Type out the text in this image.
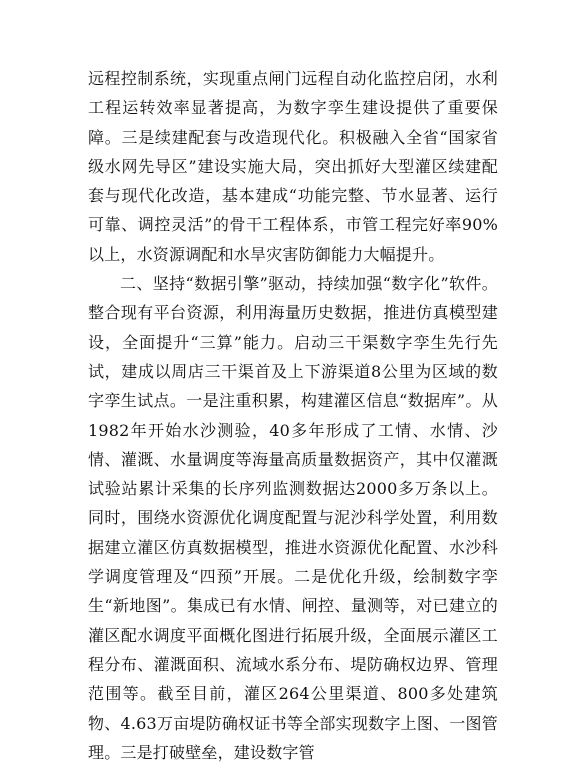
远程控制系统，实现重点闸门远程自动化监控启闭，水利工程运转效率显著提高，为数字孪生建设提供了重要保障。三是续建配套与改造现代化。积极融入全省“国家省级水网先导区”建设实施大局，突出抓好大型灌区续建配套与现代化改造，基本建成“功能完整、节水显著、运行可靠、调控灵活”的骨干工程体系，市管工程完好率90%以上，水资源调配和水旱灾害防御能力大幅提升。

二、坚持“数据引擎”驱动，持续加强“数字化”软件。整合现有平台资源，利用海量历史数据，推进仿真模型建设，全面提升“三算”能力。启动三干渠数字孪生先行先试，建成以周店三干渠首及上下游渠道8公里为区域的数字孪生试点。一是注重积累，构建灌区信息“数据库”。从1982年开始水沙测验，40多年形成了工情、水情、沙情、灌溉、水量调度等海量高质量数据资产，其中仅灌溉试验站累计采集的长序列监测数据达2000多万条以上。同时，围绕水资源优化调度配置与泥沙科学处置，利用数据建立灌区仿真数据模型，推进水资源优化配置、水沙科学调度管理及“四预”开展。二是优化升级，绘制数字孪生“新地图”。集成已有水情、闸控、量测等，对已建立的灌区配水调度平面概化图进行拓展升级，全面展示灌区工程分布、灌溉面积、流域水系分布、堤防确权边界、管理范围等。截至目前，灌区264公里渠道、800多处建筑物、4.63万亩堤防确权证书等全部实现数字上图、一图管理。三是打破壁垒，建设数字管
